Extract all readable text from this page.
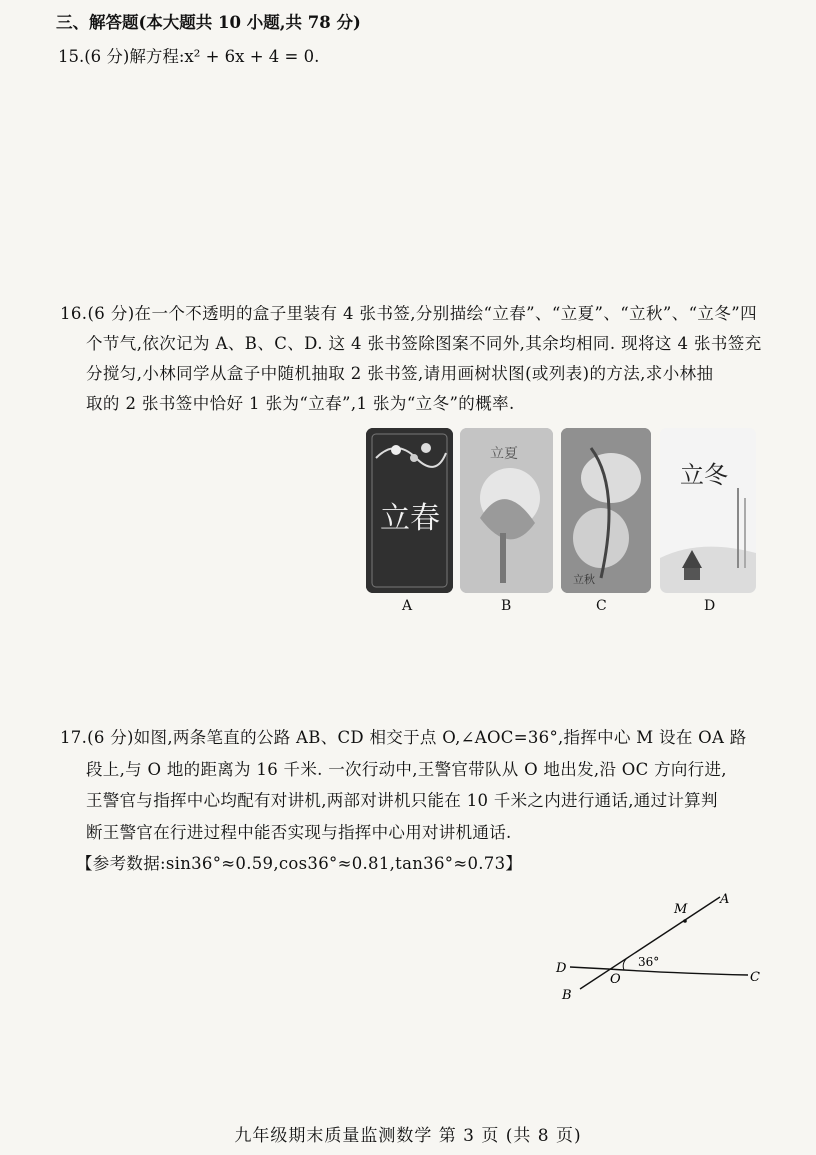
三、解答题(本大题共 10 小题,共 78 分)
15.(6 分)解方程:x² + 6x + 4 = 0.
16.(6 分)在一个不透明的盒子里装有 4 张书签,分别描绘“立春”、“立夏”、“立秋”、“立冬”四
个节气,依次记为 A、B、C、D. 这 4 张书签除图案不同外,其余均相同. 现将这 4 张书签充
分搅匀,小林同学从盒子中随机抽取 2 张书签,请用画树状图(或列表)的方法,求小林抽
取的 2 张书签中恰好 1 张为“立春”,1 张为“立冬”的概率.
立春
立夏
立秋
立冬
A	B	C	D
17.(6 分)如图,两条笔直的公路 AB、CD 相交于点 O,∠AOC=36°,指挥中心 M 设在 OA 路
段上,与 O 地的距离为 16 千米. 一次行动中,王警官带队从 O 地出发,沿 OC 方向行进,
王警官与指挥中心均配有对讲机,两部对讲机只能在 10 千米之内进行通话,通过计算判
断王警官在行进过程中能否实现与指挥中心用对讲机通话.
【参考数据:sin36°≈0.59,cos36°≈0.81,tan36°≈0.73】
A
M
D
O	C
B
36°
九年级期末质量监测数学 第 3 页 (共 8 页)
